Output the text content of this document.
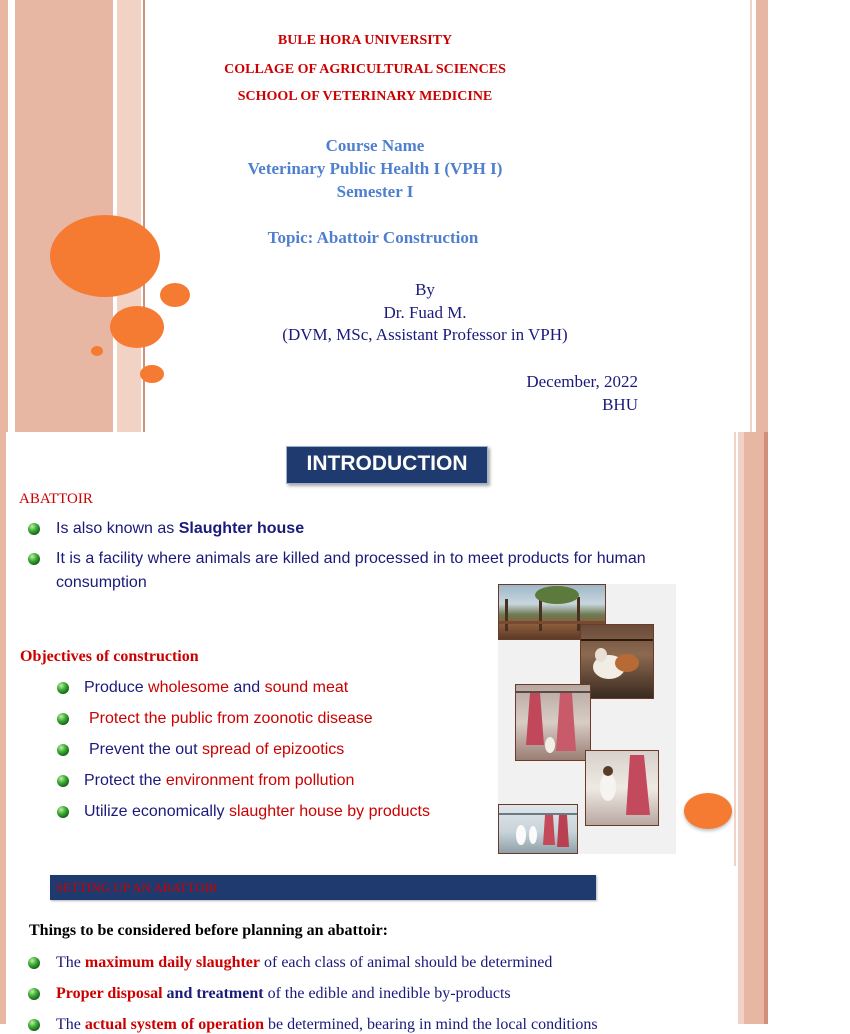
BULE HORA UNIVERSITY
COLLAGE OF AGRICULTURAL SCIENCES
SCHOOL OF VETERINARY MEDICINE
Course Name
Veterinary Public Health I (VPH I)
Semester I
Topic: Abattoir Construction
By
Dr. Fuad M.
(DVM, MSc, Assistant Professor in VPH)
December, 2022
BHU
INTRODUCTION
ABATTOIR
Is also known as Slaughter house
It is a facility where animals are killed and processed in to meet products for human
consumption
Objectives of construction
Produce wholesome and sound meat
Protect the public from zoonotic disease
Prevent the out spread of epizootics
Protect the environment from pollution
Utilize economically slaughter house by products
SETTING UP AN ABATTOIR
Things to be considered before planning an abattoir:
The maximum daily slaughter of each class of animal should be determined
Proper disposal and treatment of the edible and inedible by-products
The actual system of operation be determined, bearing in mind the local conditions
